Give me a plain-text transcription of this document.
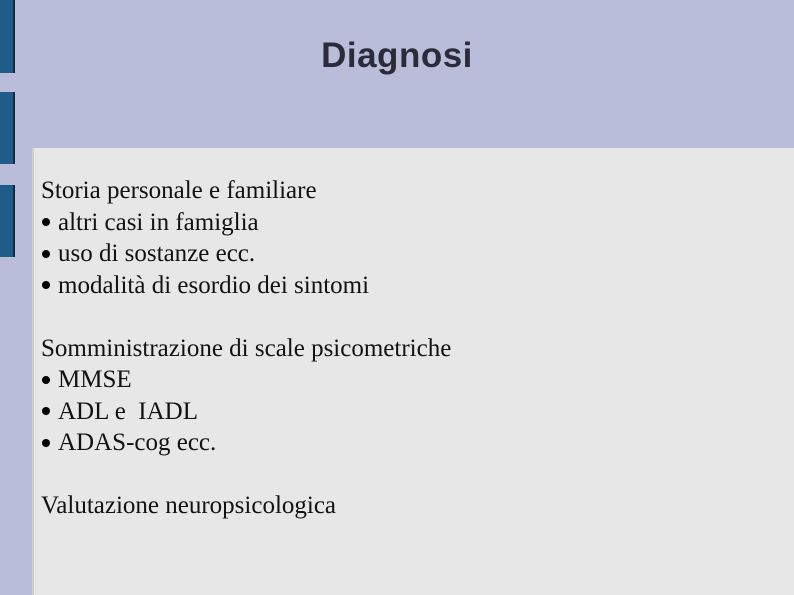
Diagnosi
Storia personale e familiare
altri casi in famiglia
uso di sostanze ecc.
modalità di esordio dei sintomi
Somministrazione di scale psicometriche
MMSE
ADL e  IADL
ADAS-cog ecc.
Valutazione neuropsicologica
